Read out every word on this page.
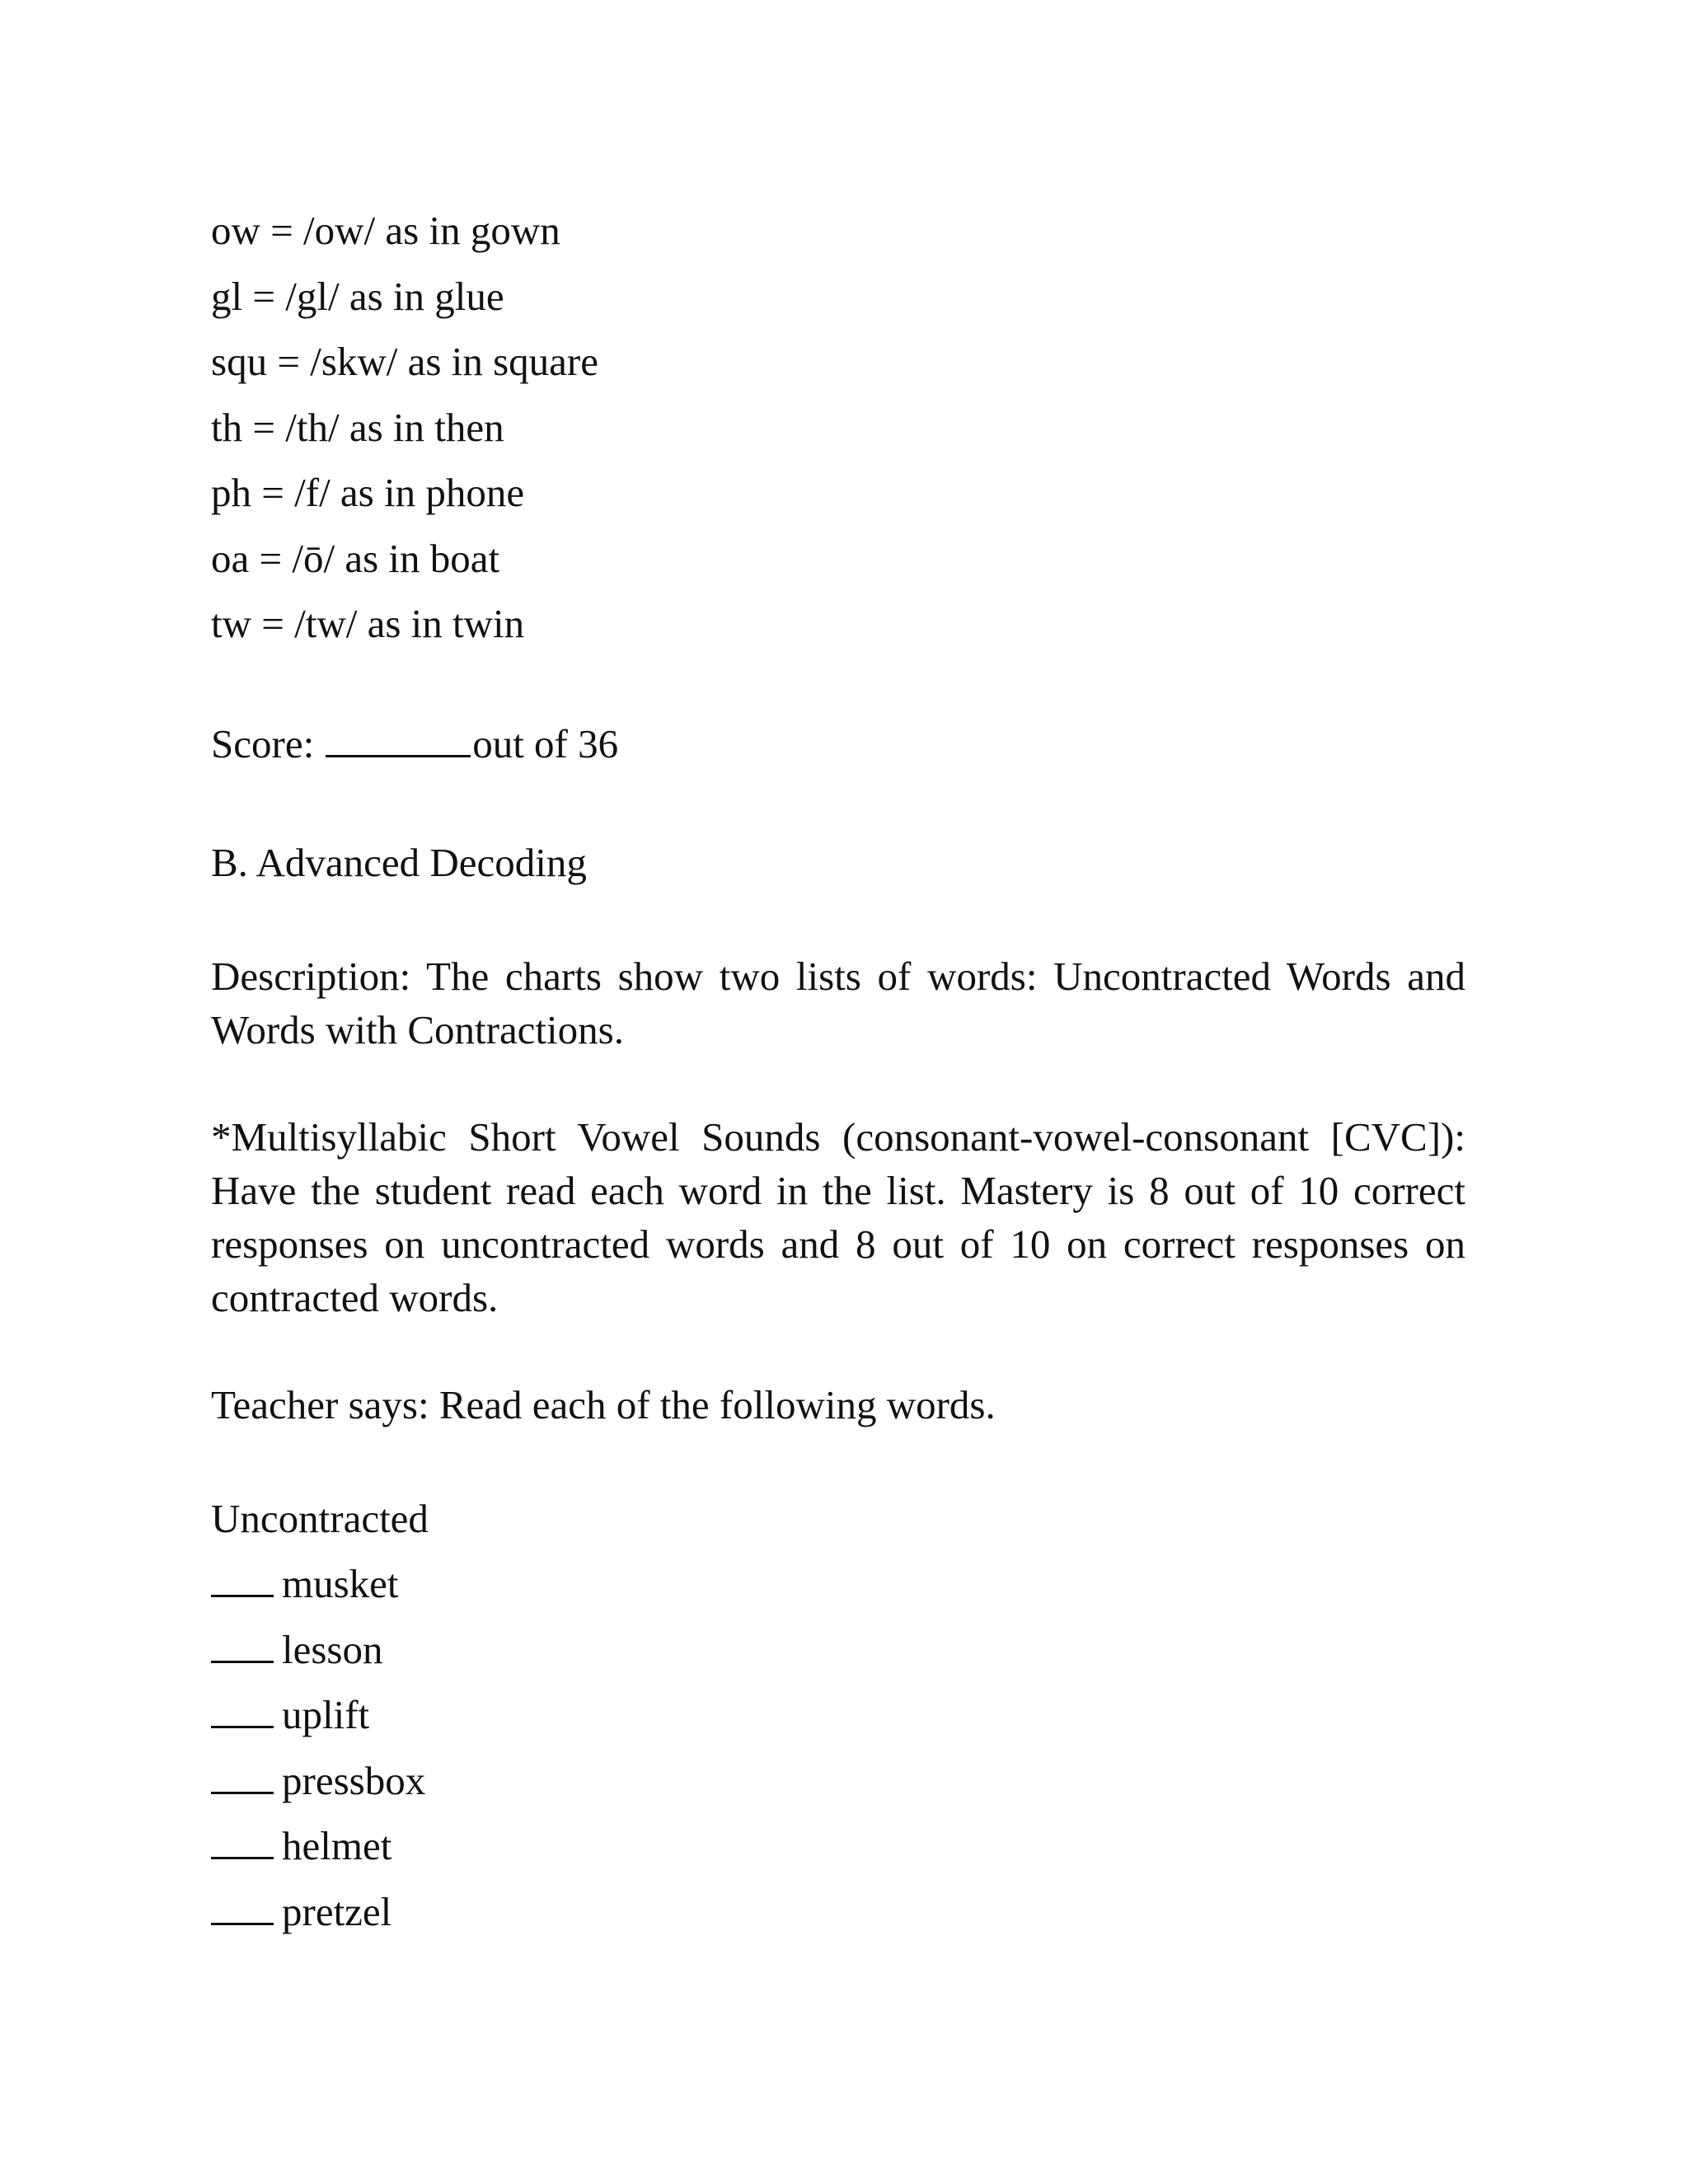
ow = /ow/ as in gown
gl = /gl/ as in glue
squ = /skw/ as in square
th = /th/ as in then
ph = /f/ as in phone
oa = /ō/ as in boat
tw = /tw/ as in twin
Score:	out of 36
B. Advanced Decoding
Description: The charts show two lists of words: Uncontracted Words and Words with Contractions.
*Multisyllabic Short Vowel Sounds (consonant-vowel-consonant [CVC]): Have the student read each word in the list. Mastery is 8 out of 10 correct responses on uncontracted words and 8 out of 10 on correct responses on contracted words.
Teacher says: Read each of the following words.
Uncontracted
musket
lesson
uplift
pressbox
helmet
pretzel
